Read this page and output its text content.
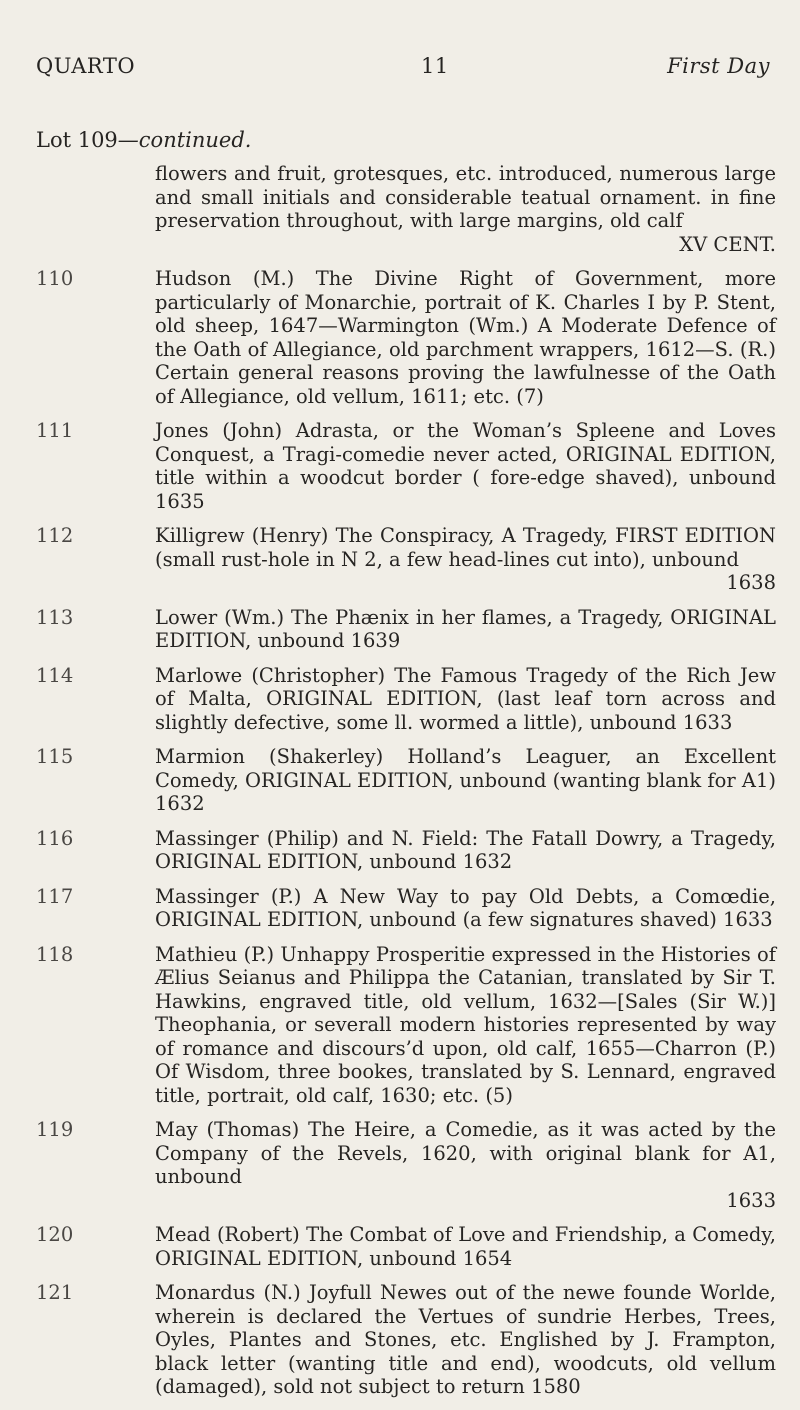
QUARTO	11	First Day
Lot 109—continued.

flowers and fruit, grotesques, etc. introduced, numerous large and small initials and considerable teatual ornament. in fine preservation throughout, with large margins, old calf

XV CENT.
110	Hudson (M.) The Divine Right of Government, more particularly of Monarchie, portrait of K. Charles I by P. Stent, old sheep, 1647—Warmington (Wm.) A Moderate Defence of the Oath of Allegiance, old parchment wrappers, 1612—S. (R.) Certain general reasons proving the lawfulnesse of the Oath of Allegiance, old vellum, 1611; etc. (7)

111	Jones (John) Adrasta, or the Woman’s Spleene and Loves Conquest, a Tragi-comedie never acted, ORIGINAL EDITION, title within a woodcut border ( fore-edge shaved), unbound 1635

112	Killigrew (Henry) The Conspiracy, A Tragedy, FIRST EDITION (small rust-hole in N 2, a few head-lines cut into), unbound

1638
113	Lower (Wm.) The Phænix in her flames, a Tragedy, ORIGINAL EDITION, unbound 1639

114	Marlowe (Christopher) The Famous Tragedy of the Rich Jew of Malta, ORIGINAL EDITION, (last leaf torn across and slightly defective, some ll. wormed a little), unbound 1633

115	Marmion (Shakerley) Holland’s Leaguer, an Excellent Comedy, ORIGINAL EDITION, unbound (wanting blank for A1) 1632

116	Massinger (Philip) and N. Field: The Fatall Dowry, a Tragedy, ORIGINAL EDITION, unbound 1632

117	Massinger (P.) A New Way to pay Old Debts, a Comœdie, ORIGINAL EDITION, unbound (a few signatures shaved) 1633

118	Mathieu (P.) Unhappy Prosperitie expressed in the Histories of Ælius Seianus and Philippa the Catanian, translated by Sir T. Hawkins, engraved title, old vellum, 1632—[Sales (Sir W.)] Theophania, or severall modern histories represented by way of romance and discours’d upon, old calf, 1655—Charron (P.) Of Wisdom, three bookes, translated by S. Lennard, engraved title, portrait, old calf, 1630; etc. (5)

119	May (Thomas) The Heire, a Comedie, as it was acted by the Company of the Revels, 1620, with original blank for A1, unbound

1633
120	Mead (Robert) The Combat of Love and Friendship, a Comedy, ORIGINAL EDITION, unbound 1654

121	Monardus (N.) Joyfull Newes out of the newe founde Worlde, wherein is declared the Vertues of sundrie Herbes, Trees, Oyles, Plantes and Stones, etc. Englished by J. Frampton, black letter (wanting title and end), woodcuts, old vellum (damaged), sold not subject to return 1580
